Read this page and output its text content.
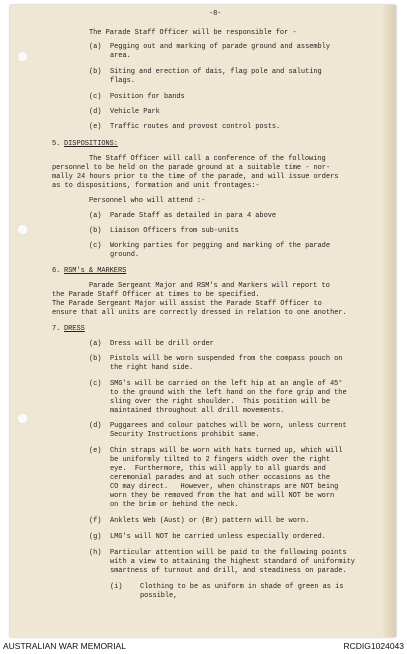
-8-
The Parade Staff Officer will be responsible for -
(a) Pegging out and marking of parade ground and assembly
area.
(b) Siting and erection of dais, flag pole and saluting
flags.
(c) Position for bands
(d) Vehicle Park
(e) Traffic routes and provost control posts.
5. DISPOSITIONS:
The Staff Officer will call a conference of the following
personnel to be held on the parade ground at a suitable time - nor-
mally 24 hours prior to the time of the parade, and will issue orders
as to dispositions, formation and unit frontages:-
Personnel who will attend :-
(a) Parade Staff as detailed in para 4 above
(b) Liaison Officers from sub-units
(c) Working parties for pegging and marking of the parade
ground.
6. RSM's & MARKERS
Parade Sergeant Major and RSM's and Markers will report to
the Parade Staff Officer at times to be specified.
The Parade Sergeant Major will assist the Parade Staff Officer to
ensure that all units are correctly dressed in relation to one another.
7. DRESS
(a) Dress will be drill order
(b) Pistols will be worn suspended from the compass pouch on
the right hand side.
(c) SMG's will be carried on the left hip at an angle of 45°
to the ground with the left hand on the fore grip and the
sling over the right shoulder.  This position will be
maintained throughout all drill movements.
(d) Puggarees and colour patches will be worn, unless current
Security Instructions prohibit same.
(e) Chin straps will be worn with hats turned up, which will
be uniformly tilted to 2 fingers width over the right
eye.  Furthermore, this will apply to all guards and
ceremonial parades and at such other occasions as the
CO may direct.   However, when chinstraps are NOT being
worn they be removed from the hat and will NOT be worn
on the brim or behind the neck.
(f) Anklets Web (Aust) or (Br) pattern will be worn.
(g) LMG's will NOT be carried unless especially ordered.
(h) Particular attention will be paid to the following points
with a view to attaining the highest standard of uniformity
smartness of turnout and drill, and steadiness on parade.
(i)	Clothing to be as uniform in shade of green as is
possible,
AUSTRALIAN WAR MEMORIAL	RCDIG1024043
